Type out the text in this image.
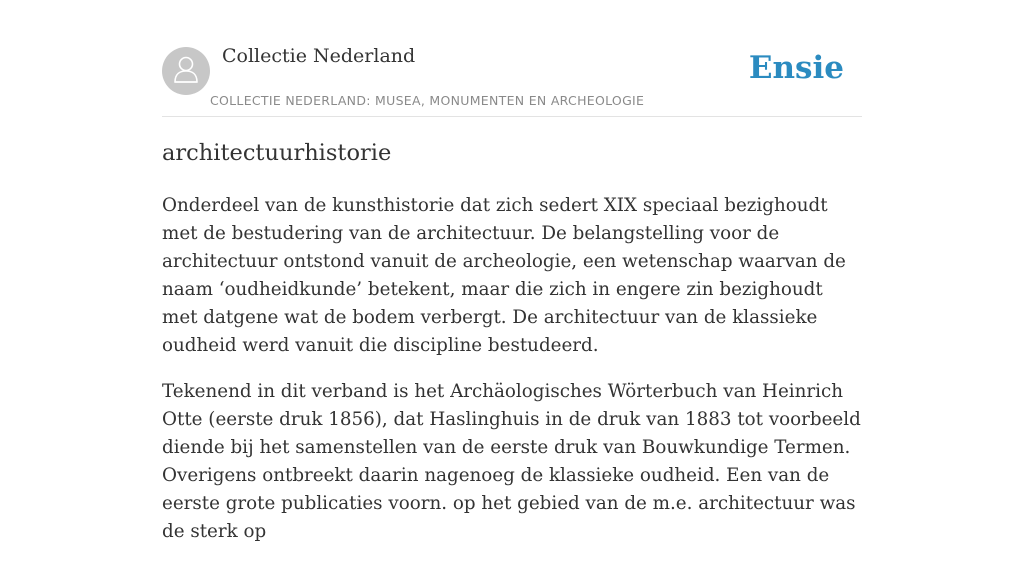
Collectie Nederland
COLLECTIE NEDERLAND: MUSEA, MONUMENTEN EN ARCHEOLOGIE
Ensie
architectuurhistorie

Onderdeel van de kunsthistorie dat zich sedert XIX speciaal bezighoudt met de bestudering van de architectuur. De belangstelling voor de architectuur ontstond vanuit de archeologie, een wetenschap waarvan de naam ‘oudheidkunde’ betekent, maar die zich in engere zin bezighoudt met datgene wat de bodem verbergt. De architectuur van de klassieke oudheid werd vanuit die discipline bestudeerd.

Tekenend in dit verband is het Archäologisches Wörterbuch van Heinrich Otte (eerste druk 1856), dat Haslinghuis in de druk van 1883 tot voorbeeld diende bij het samenstellen van de eerste druk van Bouwkundige Termen. Overigens ontbreekt daarin nagenoeg de klassieke oudheid. Een van de eerste grote publicaties voorn. op het gebied van de m.e. architectuur was de sterk op
